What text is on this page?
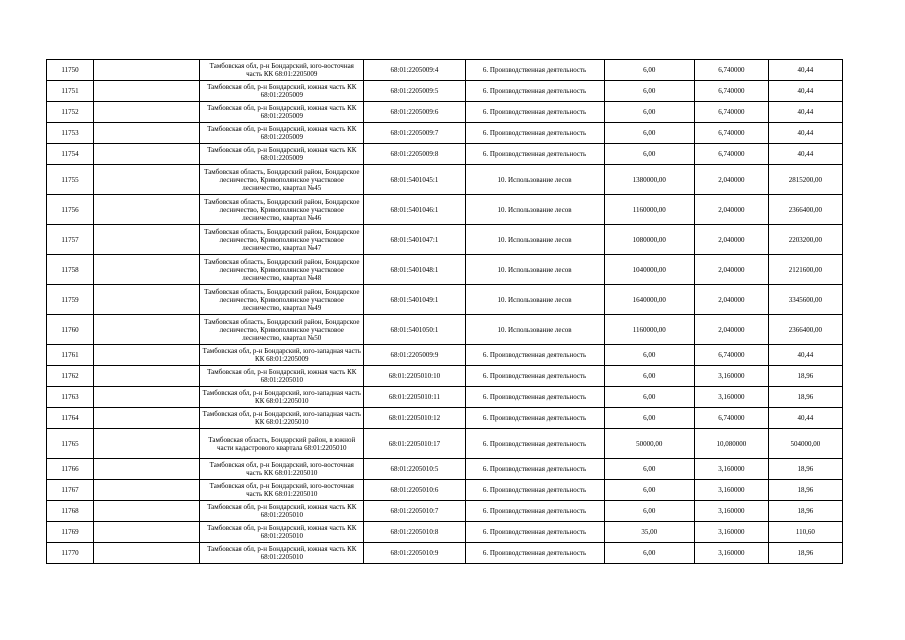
11750		Тамбовская обл, р-н Бондарский, юго-восточная часть КК 68:01:2205009	68:01:2205009:4	6. Производственная деятельность	6,00	6,740000	40,44
11751		Тамбовская обл, р-н Бондарский, южная часть КК 68:01:2205009	68:01:2205009:5	6. Производственная деятельность	6,00	6,740000	40,44
11752		Тамбовская обл, р-н Бондарский, южная часть КК 68:01:2205009	68:01:2205009:6	6. Производственная деятельность	6,00	6,740000	40,44
11753		Тамбовская обл, р-н Бондарский, южная часть КК 68:01:2205009	68:01:2205009:7	6. Производственная деятельность	6,00	6,740000	40,44
11754		Тамбовская обл, р-н Бондарский, южная часть КК 68:01:2205009	68:01:2205009:8	6. Производственная деятельность	6,00	6,740000	40,44
11755		Тамбовская область, Бондарский район, Бондарское лесничество, Кривополянское участковое лесничество, квартал №45	68:01:5401045:1	10. Использование лесов	1380000,00	2,040000	2815200,00
11756		Тамбовская область, Бондарский район, Бондарское лесничество, Кривополянское участковое лесничество, квартал №46	68:01:5401046:1	10. Использование лесов	1160000,00	2,040000	2366400,00
11757		Тамбовская область, Бондарский район, Бондарское лесничество, Кривополянское участковое лесничество, квартал №47	68:01:5401047:1	10. Использование лесов	1080000,00	2,040000	2203200,00
11758		Тамбовская область, Бондарский район, Бондарское лесничество, Кривополянское участковое лесничество, квартал №48	68:01:5401048:1	10. Использование лесов	1040000,00	2,040000	2121600,00
11759		Тамбовская область, Бондарский район, Бондарское лесничество, Кривополянское участковое лесничество, квартал №49	68:01:5401049:1	10. Использование лесов	1640000,00	2,040000	3345600,00
11760		Тамбовская область, Бондарский район, Бондарское лесничество, Кривополянское участковое лесничество, квартал №50	68:01:5401050:1	10. Использование лесов	1160000,00	2,040000	2366400,00
11761		Тамбовская обл, р-н Бондарский, юго-западная часть КК 68:01:2205009	68:01:2205009:9	6. Производственная деятельность	6,00	6,740000	40,44
11762		Тамбовская обл, р-н Бондарский, южная часть КК 68:01:2205010	68:01:2205010:10	6. Производственная деятельность	6,00	3,160000	18,96
11763		Тамбовская обл, р-н Бондарский, юго-западная часть КК 68:01:2205010	68:01:2205010:11	6. Производственная деятельность	6,00	3,160000	18,96
11764		Тамбовская обл, р-н Бондарский, юго-западная часть КК 68:01:2205010	68:01:2205010:12	6. Производственная деятельность	6,00	6,740000	40,44
11765		Тамбовская область, Бондарский район, в южной части кадастрового квартала 68:01:2205010	68:01:2205010:17	6. Производственная деятельность	50000,00	10,080000	504000,00
11766		Тамбовская обл, р-н Бондарский, юго-восточная часть КК 68:01:2205010	68:01:2205010:5	6. Производственная деятельность	6,00	3,160000	18,96
11767		Тамбовская обл, р-н Бондарский, юго-восточная часть КК 68:01:2205010	68:01:2205010:6	6. Производственная деятельность	6,00	3,160000	18,96
11768		Тамбовская обл, р-н Бондарский, южная часть КК 68:01:2205010	68:01:2205010:7	6. Производственная деятельность	6,00	3,160000	18,96
11769		Тамбовская обл, р-н Бондарский, южная часть КК 68:01:2205010	68:01:2205010:8	6. Производственная деятельность	35,00	3,160000	110,60
11770		Тамбовская обл, р-н Бондарский, южная часть КК 68:01:2205010	68:01:2205010:9	6. Производственная деятельность	6,00	3,160000	18,96
